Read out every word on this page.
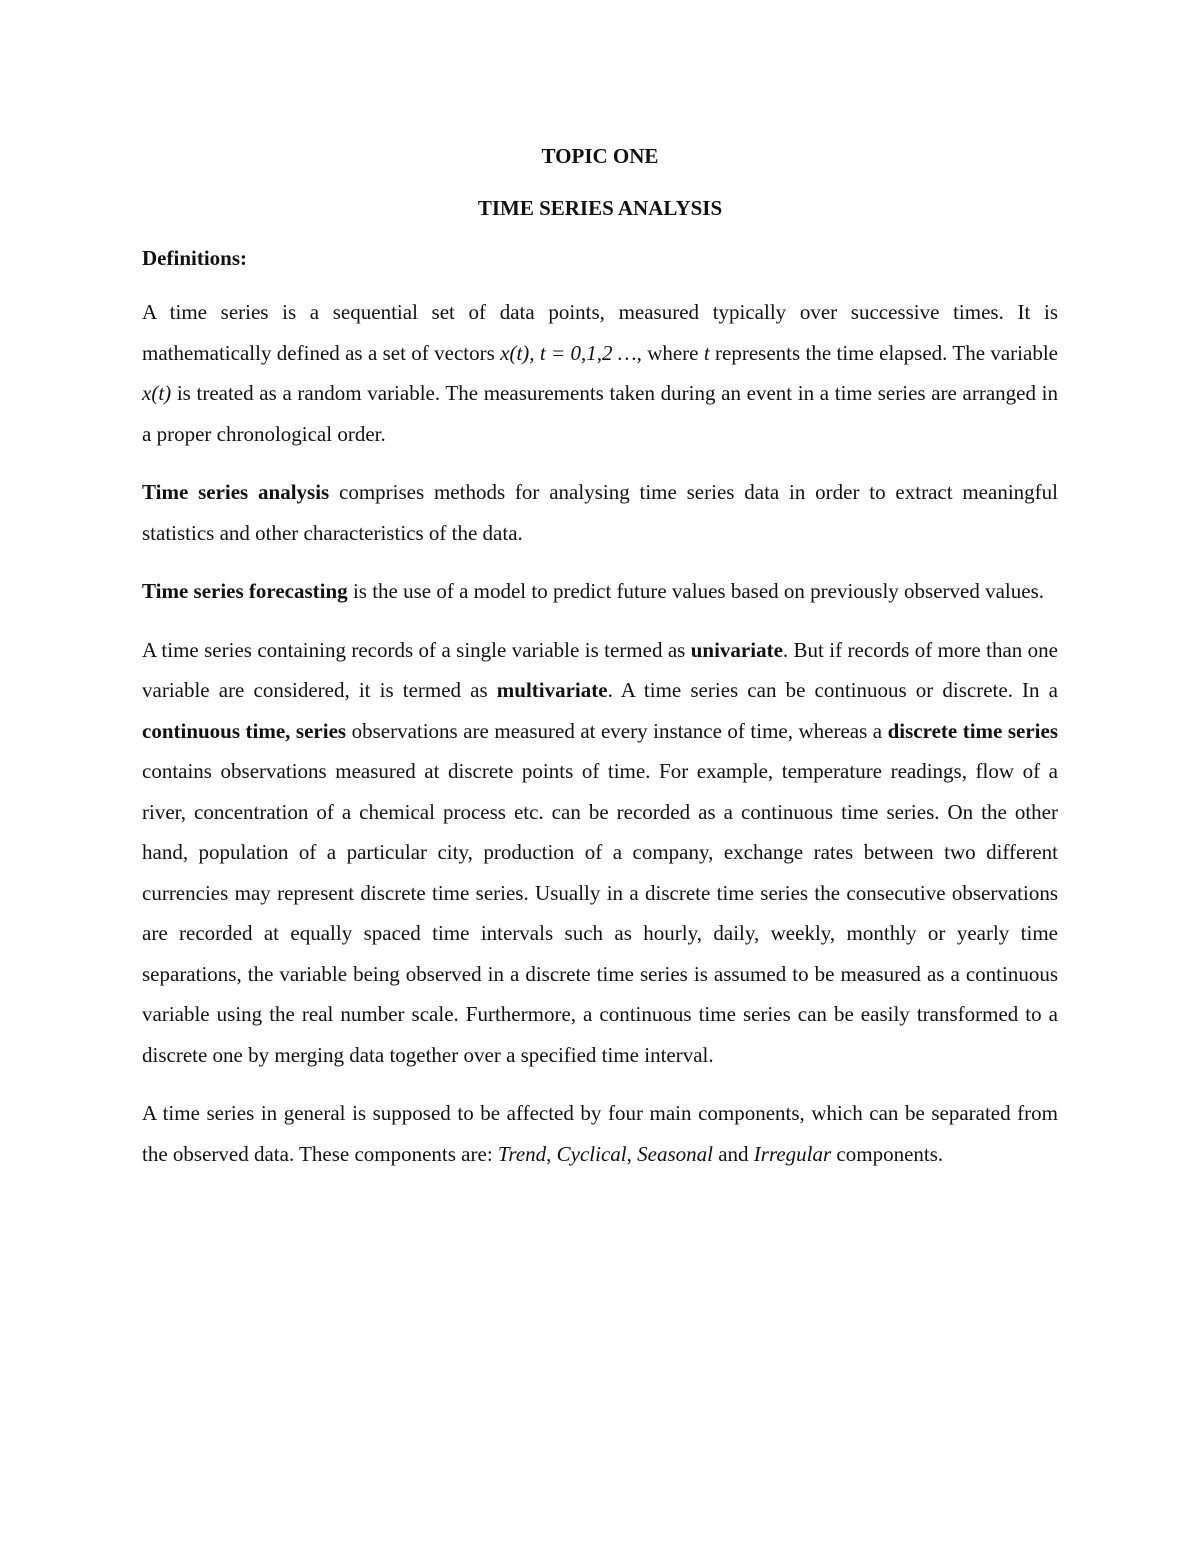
TOPIC ONE
TIME SERIES ANALYSIS
Definitions:

A time series is a sequential set of data points, measured typically over successive times. It is mathematically defined as a set of vectors x(t), t = 0,1,2 …, where t represents the time elapsed. The variable x(t) is treated as a random variable. The measurements taken during an event in a time series are arranged in a proper chronological order.

Time series analysis comprises methods for analysing time series data in order to extract meaningful statistics and other characteristics of the data.

Time series forecasting is the use of a model to predict future values based on previously observed values.

A time series containing records of a single variable is termed as univariate. But if records of more than one variable are considered, it is termed as multivariate. A time series can be continuous or discrete. In a continuous time, series observations are measured at every instance of time, whereas a discrete time series contains observations measured at discrete points of time. For example, temperature readings, flow of a river, concentration of a chemical process etc. can be recorded as a continuous time series. On the other hand, population of a particular city, production of a company, exchange rates between two different currencies may represent discrete time series. Usually in a discrete time series the consecutive observations are recorded at equally spaced time intervals such as hourly, daily, weekly, monthly or yearly time separations, the variable being observed in a discrete time series is assumed to be measured as a continuous variable using the real number scale. Furthermore, a continuous time series can be easily transformed to a discrete one by merging data together over a specified time interval.

A time series in general is supposed to be affected by four main components, which can be separated from the observed data. These components are: Trend, Cyclical, Seasonal and Irregular components.
